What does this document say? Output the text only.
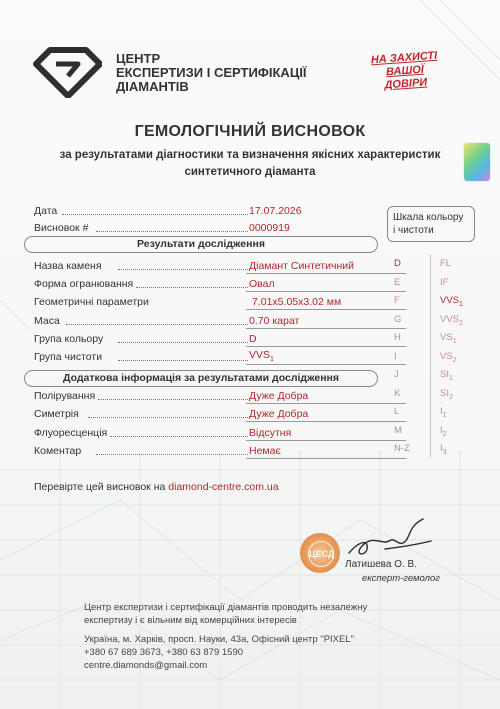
ЦЕНТР
ЕКСПЕРТИЗИ І СЕРТИФІКАЦІЇ
ДІАМАНТІВ
НА ЗАХИСТІ
ВАШОЇ
ДОВІРИ
ГЕМОЛОГІЧНИЙ ВИСНОВОК
за результатами діагностики та визначення якісних характеристик
синтетичного діаманта
Дата	17.07.2026
Висновок #	0000919
Результати дослідження
Назва каменя	Діамант Синтетичний
Форма огранювання	Овал
Геометричні параметри	7.01x5.05x3.02 мм
Маса	0.70 карат
Група кольору	D
Група чистоти	$VVS_1$
Додаткова інформація за результатами дослідження
Полірування	Дуже Добра
Симетрія	Дуже Добра
Флуоресценція	Відсутня
Коментар	Немає
Шкала кольору
і чистоти
D
E
F
G
H
I
J
K
L
M
N-Z
FL
IF
$VVS_1$
$VVS_2$
$VS_1$
$VS_2$
$SI_1$
$SI_2$
$I_1$
$I_2$
$I_3$
Перевірте цей висновок на diamond-centre.com.ua
ЦЕСД
Латишева О. В.
експерт-гемолог
Центр експертизи і сертифікації діамантів проводить незалежну
експертизу і є вільним від комерційних інтересів
Україна, м. Харків, просп. Науки, 43а, Офісний центр "PIXEL"
+380 67 689 3673, +380 63 879 1590
centre.diamonds@gmail.com
